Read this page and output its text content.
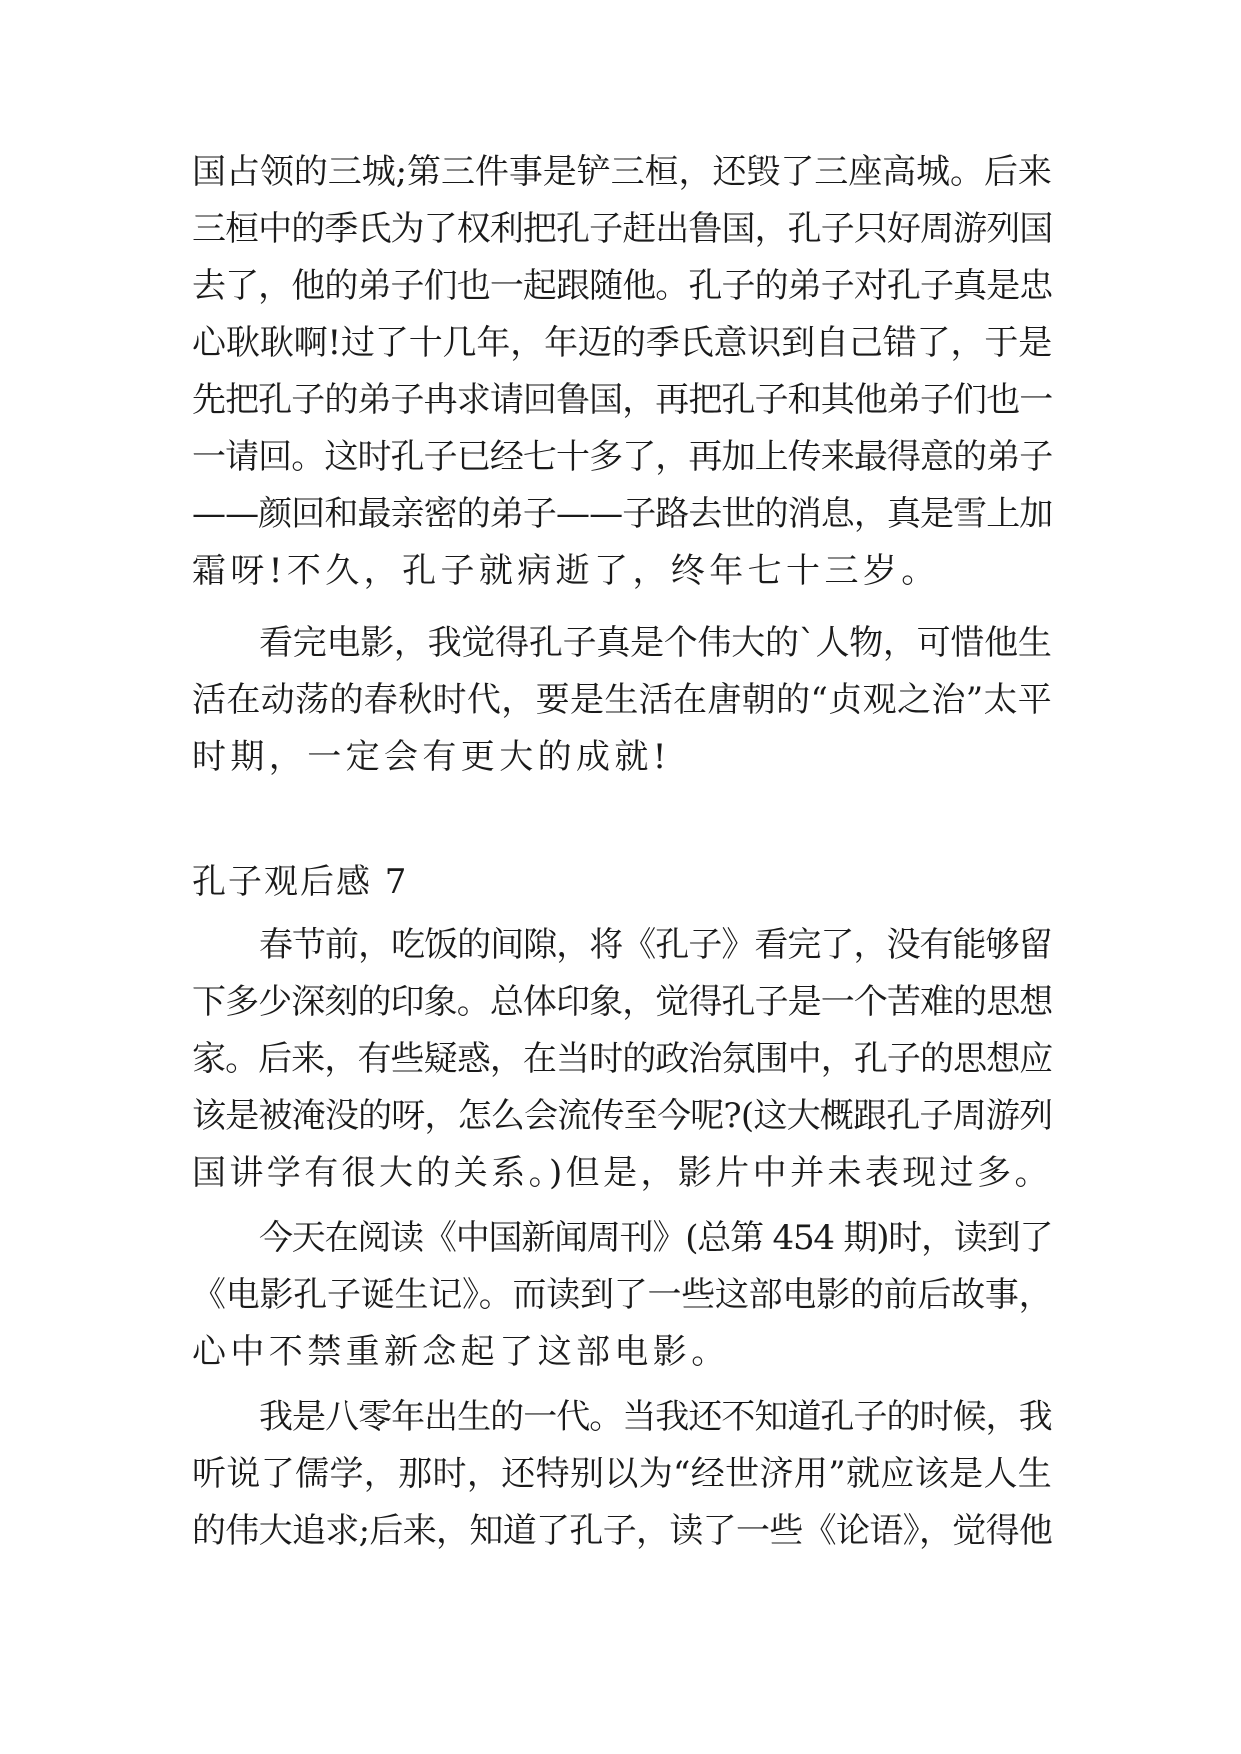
国占领的三城;第三件事是铲三桓，还毁了三座高城。后来
三桓中的季氏为了权利把孔子赶出鲁国，孔子只好周游列国
去了，他的弟子们也一起跟随他。孔子的弟子对孔子真是忠
心耿耿啊!过了十几年，年迈的季氏意识到自己错了，于是
先把孔子的弟子冉求请回鲁国，再把孔子和其他弟子们也一
一请回。这时孔子已经七十多了，再加上传来最得意的弟子
——颜回和最亲密的弟子——子路去世的消息，真是雪上加
霜呀!不久，孔子就病逝了，终年七十三岁。
看完电影，我觉得孔子真是个伟大的`人物，可惜他生
活在动荡的春秋时代，要是生活在唐朝的“贞观之治”太平
时期，一定会有更大的成就!
孔子观后感 7
春节前，吃饭的间隙，将《孔子》看完了，没有能够留
下多少深刻的印象。总体印象，觉得孔子是一个苦难的思想
家。后来，有些疑惑，在当时的政治氛围中，孔子的思想应
该是被淹没的呀，怎么会流传至今呢?(这大概跟孔子周游列
国讲学有很大的关系。)但是，影片中并未表现过多。
今天在阅读《中国新闻周刊》(总第 454 期)时，读到了
《电影孔子诞生记》。而读到了一些这部电影的前后故事，
心中不禁重新念起了这部电影。
我是八零年出生的一代。当我还不知道孔子的时候，我
听说了儒学，那时，还特别以为“经世济用”就应该是人生
的伟大追求;后来，知道了孔子，读了一些《论语》，觉得他
